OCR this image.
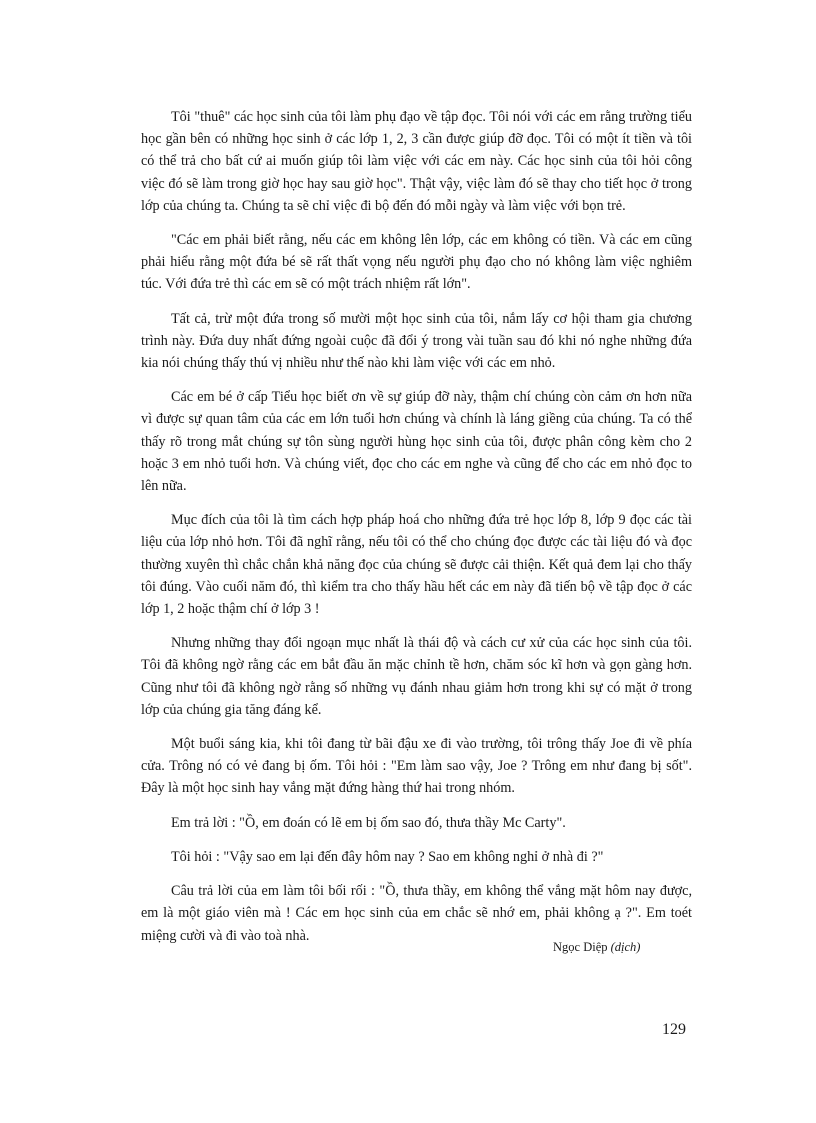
Tôi "thuê" các học sinh của tôi làm phụ đạo về tập đọc. Tôi nói với các em rằng trường tiểu học gần bên có những học sinh ở các lớp 1, 2, 3 cần được giúp đỡ đọc. Tôi có một ít tiền và tôi có thể trả cho bất cứ ai muốn giúp tôi làm việc với các em này. Các học sinh của tôi hỏi công việc đó sẽ làm trong giờ học hay sau giờ học". Thật vậy, việc làm đó sẽ thay cho tiết học ở trong lớp của chúng ta. Chúng ta sẽ chỉ việc đi bộ đến đó mỗi ngày và làm việc với bọn trẻ.

"Các em phải biết rằng, nếu các em không lên lớp, các em không có tiền. Và các em cũng phải hiểu rằng một đứa bé sẽ rất thất vọng nếu người phụ đạo cho nó không làm việc nghiêm túc. Với đứa trẻ thì các em sẽ có một trách nhiệm rất lớn".

Tất cả, trừ một đứa trong số mười một học sinh của tôi, nắm lấy cơ hội tham gia chương trình này. Đứa duy nhất đứng ngoài cuộc đã đổi ý trong vài tuần sau đó khi nó nghe những đứa kia nói chúng thấy thú vị nhiều như thế nào khi làm việc với các em nhỏ.

Các em bé ở cấp Tiểu học biết ơn về sự giúp đỡ này, thậm chí chúng còn cảm ơn hơn nữa vì được sự quan tâm của các em lớn tuổi hơn chúng và chính là láng giềng của chúng. Ta có thể thấy rõ trong mắt chúng sự tôn sùng người hùng học sinh của tôi, được phân công kèm cho 2 hoặc 3 em nhỏ tuổi hơn. Và chúng viết, đọc cho các em nghe và cũng để cho các em nhỏ đọc to lên nữa.

Mục đích của tôi là tìm cách hợp pháp hoá cho những đứa trẻ học lớp 8, lớp 9 đọc các tài liệu của lớp nhỏ hơn. Tôi đã nghĩ rằng, nếu tôi có thể cho chúng đọc được các tài liệu đó và đọc thường xuyên thì chắc chắn khả năng đọc của chúng sẽ được cải thiện. Kết quả đem lại cho thấy tôi đúng. Vào cuối năm đó, thì kiểm tra cho thấy hầu hết các em này đã tiến bộ về tập đọc ở các lớp 1, 2 hoặc thậm chí ở lớp 3 !

Nhưng những thay đổi ngoạn mục nhất là thái độ và cách cư xử của các học sinh của tôi. Tôi đã không ngờ rằng các em bắt đầu ăn mặc chỉnh tề hơn, chăm sóc kĩ hơn và gọn gàng hơn. Cũng như tôi đã không ngờ rằng số những vụ đánh nhau giảm hơn trong khi sự có mặt ở trong lớp của chúng gia tăng đáng kể.

Một buổi sáng kia, khi tôi đang từ bãi đậu xe đi vào trường, tôi trông thấy Joe đi về phía cửa. Trông nó có vẻ đang bị ốm. Tôi hỏi : "Em làm sao vậy, Joe ? Trông em như đang bị sốt". Đây là một học sinh hay vắng mặt đứng hàng thứ hai trong nhóm.

Em trả lời : "Ồ, em đoán có lẽ em bị ốm sao đó, thưa thầy Mc Carty".

Tôi hỏi : "Vậy sao em lại đến đây hôm nay ? Sao em không nghỉ ở nhà đi ?"

Câu trả lời của em làm tôi bối rối : "Ồ, thưa thầy, em không thể vắng mặt hôm nay được, em là một giáo viên mà ! Các em học sinh của em chắc sẽ nhớ em, phải không ạ ?". Em toét miệng cười và đi vào toà nhà.

Ngọc Diệp (dịch)
129
